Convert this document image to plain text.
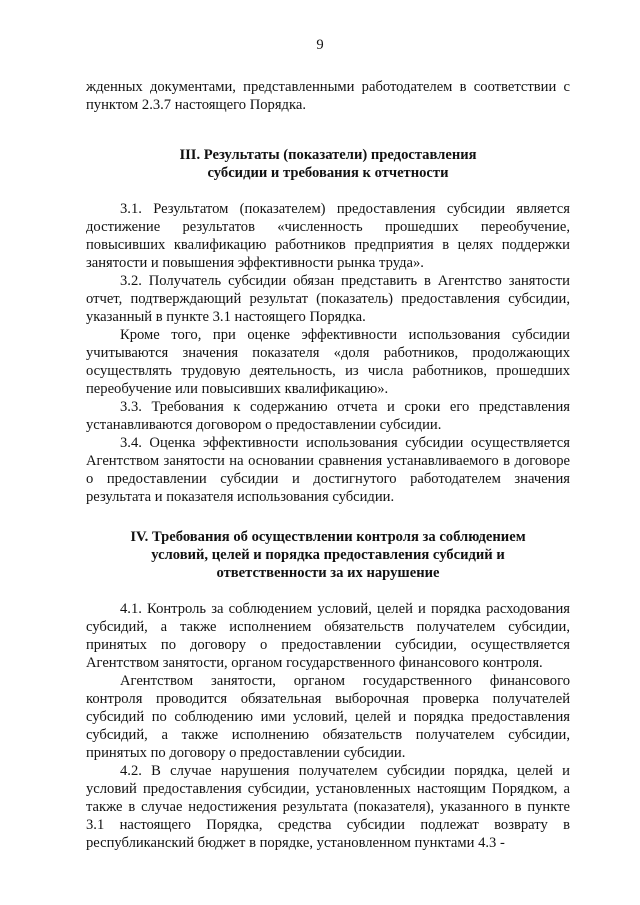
9

жденных документами, представленными работодателем в соответствии с пунктом 2.3.7 настоящего Порядка.

III. Результаты (показатели) предоставления
субсидии и требования к отчетности

3.1. Результатом (показателем) предоставления субсидии является достижение результатов «численность прошедших переобучение, повысивших квалификацию работников предприятия в целях поддержки занятости и повышения эффективности рынка труда».

3.2. Получатель субсидии обязан представить в Агентство занятости отчет, подтверждающий результат (показатель) предоставления субсидии, указанный в пункте 3.1 настоящего Порядка.

Кроме того, при оценке эффективности использования субсидии учитываются значения показателя «доля работников, продолжающих осуществлять трудовую деятельность, из числа работников, прошедших переобучение или повысивших квалификацию».

3.3. Требования к содержанию отчета и сроки его представления устанавливаются договором о предоставлении субсидии.

3.4. Оценка эффективности использования субсидии осуществляется Агентством занятости на основании сравнения устанавливаемого в договоре о предоставлении субсидии и достигнутого работодателем значения результата и показателя использования субсидии.

IV. Требования об осуществлении контроля за соблюдением
условий, целей и порядка предоставления субсидий и
ответственности за их нарушение

4.1. Контроль за соблюдением условий, целей и порядка расходования субсидий, а также исполнением обязательств получателем субсидии, принятых по договору о предоставлении субсидии, осуществляется Агентством занятости, органом государственного финансового контроля.

Агентством занятости, органом государственного финансового контроля проводится обязательная выборочная проверка получателей субсидий по соблюдению ими условий, целей и порядка предоставления субсидий, а также исполнению обязательств получателем субсидии, принятых по договору о предоставлении субсидии.

4.2. В случае нарушения получателем субсидии порядка, целей и условий предоставления субсидии, установленных настоящим Порядком, а также в случае недостижения результата (показателя), указанного в пункте 3.1 настоящего Порядка, средства субсидии подлежат возврату в республиканский бюджет в порядке, установленном пунктами 4.3 -
